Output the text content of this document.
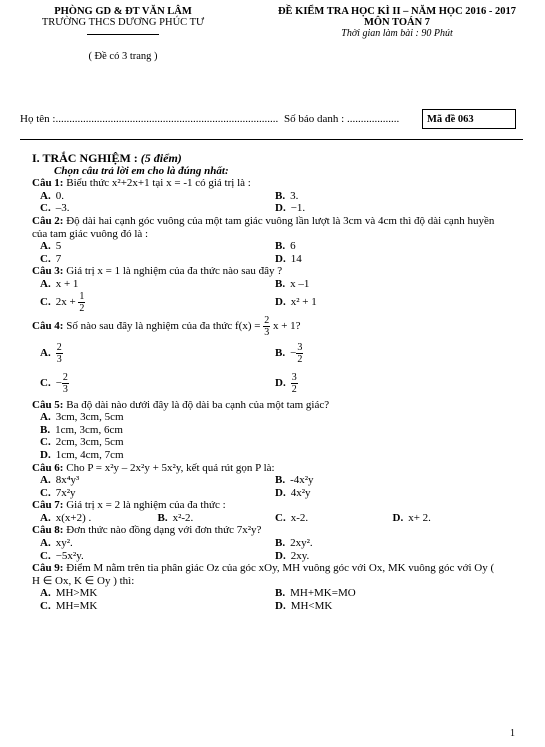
PHÒNG GD & ĐT VĂN LÂM
TRƯỜNG THCS DƯƠNG PHÚC TƯ
( Đề có 3 trang )
ĐỀ KIỂM TRA HỌC KÌ II – NĂM HỌC 2016 - 2017
MÔN TOÁN 7
Thời gian làm bài : 90 Phút
Họ tên :................................................................................. Số báo danh : ...................	Mã đề 063
I. TRẮC NGHIỆM : (5 điểm)
Chọn câu trả lời em cho là đúng nhất:
Câu 1: Biểu thức x²+2x+1 tại x = -1 có giá trị là :
A. 0.	B. 3.
C. –3.	D. −1.
Câu 2: Độ dài hai cạnh góc vuông của một tam giác vuông lần lượt là 3cm và 4cm thì độ dài cạnh huyền của tam giác vuông đó là :
A. 5	B. 6
C. 7	D. 14
Câu 3: Giá trị x = 1 là nghiệm của đa thức nào sau đây ?
A. x + 1	B. x –1
C. 2x +
$\frac{1}{2}$	D. x² + 1
Câu 4:
Số nào sau đây là nghiệm của đa thức f(x) =
$\frac{2}{3}$
x + 1?
A. $\frac{2}{3}$	B. − $\frac{3}{2}$
C. − $\frac{2}{3}$	D. $\frac{3}{2}$
Câu 5: Ba độ dài nào dưới đây là độ dài ba cạnh của một tam giác?
A. 3cm, 3cm, 5cm
B. 1cm, 3cm, 6cm
C. 2cm, 3cm, 5cm
D. 1cm, 4cm, 7cm
Câu 6: Cho P = x²y – 2x²y + 5x²y, kết quả rút gọn P là:
A. 8x⁴y³	B. -4x²y
C. 7x²y	D. 4x²y
Câu 7: Giá trị x = 2 là nghiệm của đa thức :
A. x(x+2) .	B. x²-2.	C. x-2.	D. x+ 2.
Câu 8: Đơn thức nào đồng dạng với đơn thức 7x²y?
A. xy².	B. 2xy².
C. −5x²y.	D. 2xy.
Câu 9: Điểm M nằm trên tia phân giác Oz của góc xOy, MH vuông góc với Ox, MK vuông góc với Oy ( H ∈ Ox, K ∈ Oy ) thì:
A. MH>MK	B. MH+MK=MO
C. MH=MK	D. MH<MK
1
